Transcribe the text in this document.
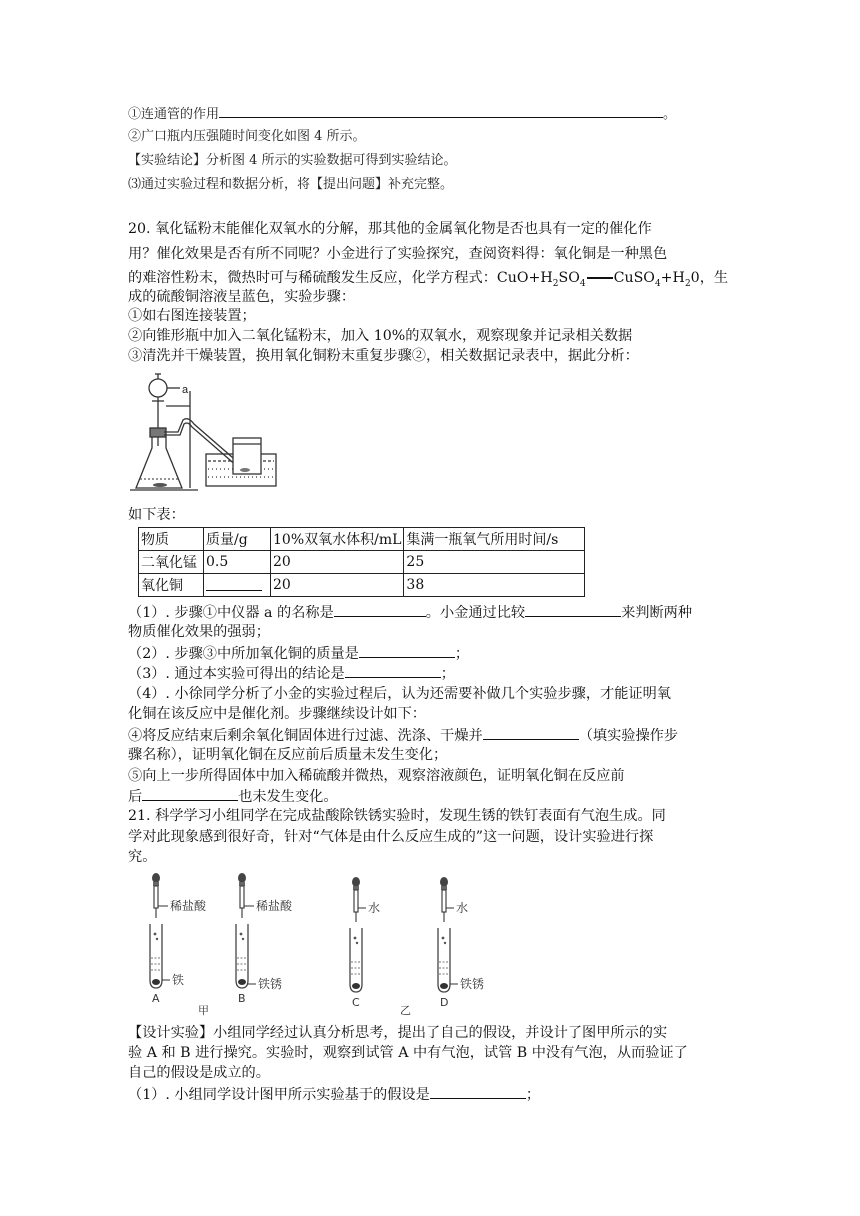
①连通管的作用	。
②广口瓶内压强随时间变化如图 4 所示。
【实验结论】分析图 4 所示的实验数据可得到实验结论。
⑶通过实验过程和数据分析，将【提出问题】补充完整。
20. 氧化锰粉末能催化双氧水的分解，那其他的金属氧化物是否也具有一定的催化作
用？催化效果是否有所不同呢？小金进行了实验探究，查阅资料得：氧化铜是一种黑色
的难溶性粉末，微热时可与稀硫酸发生反应，化学方程式：$CuO+H_2SO_4$ $CuSO_4+H_20$，生
成的硫酸铜溶液呈蓝色，实验步骤：
①如右图连接装置；
②向锥形瓶中加入二氧化锰粉末，加入 10%的双氧水，观察现象并记录相关数据
③清洗并干燥装置，换用氧化铜粉末重复步骤②，相关数据记录表中，据此分析：
a
如下表：
物质	质量/g	10%双氧水体积/mL	集满一瓶氧气所用时间/s
二氧化锰	0.5	20	25
氧化铜		20	38
（1）. 步骤①中仪器 a 的名称是	。小金通过比较	来判断两种
物质催化效果的强弱；
（2）. 步骤③中所加氧化铜的质量是	；
（3）. 通过本实验可得出的结论是	；
（4）. 小徐同学分析了小金的实验过程后，认为还需要补做几个实验步骤，才能证明氧
化铜在该反应中是催化剂。步骤继续设计如下：
④将反应结束后剩余氧化铜固体进行过滤、洗涤、干燥并	（填实验操作步
骤名称），证明氧化铜在反应前后质量未发生变化；
⑤向上一步所得固体中加入稀硫酸并微热，观察溶液颜色，证明氧化铜在反应前
后	也未发生变化。
21. 科学学习小组同学在完成盐酸除铁锈实验时，发现生锈的铁钉表面有气泡生成。同
学对此现象感到很好奇，针对“气体是由什么反应生成的”这一问题，设计实验进行探
究。
稀盐酸	稀盐酸	水	水
铁	铁锈	铁锈
A	B	C	D
甲	乙
【设计实验】小组同学经过认真分析思考，提出了自己的假设，并设计了图甲所示的实
验 A 和 B 进行操究。实验时，观察到试管 A 中有气泡，试管 B 中没有气泡，从而验证了
自己的假设是成立的。
（1）. 小组同学设计图甲所示实验基于的假设是	；
